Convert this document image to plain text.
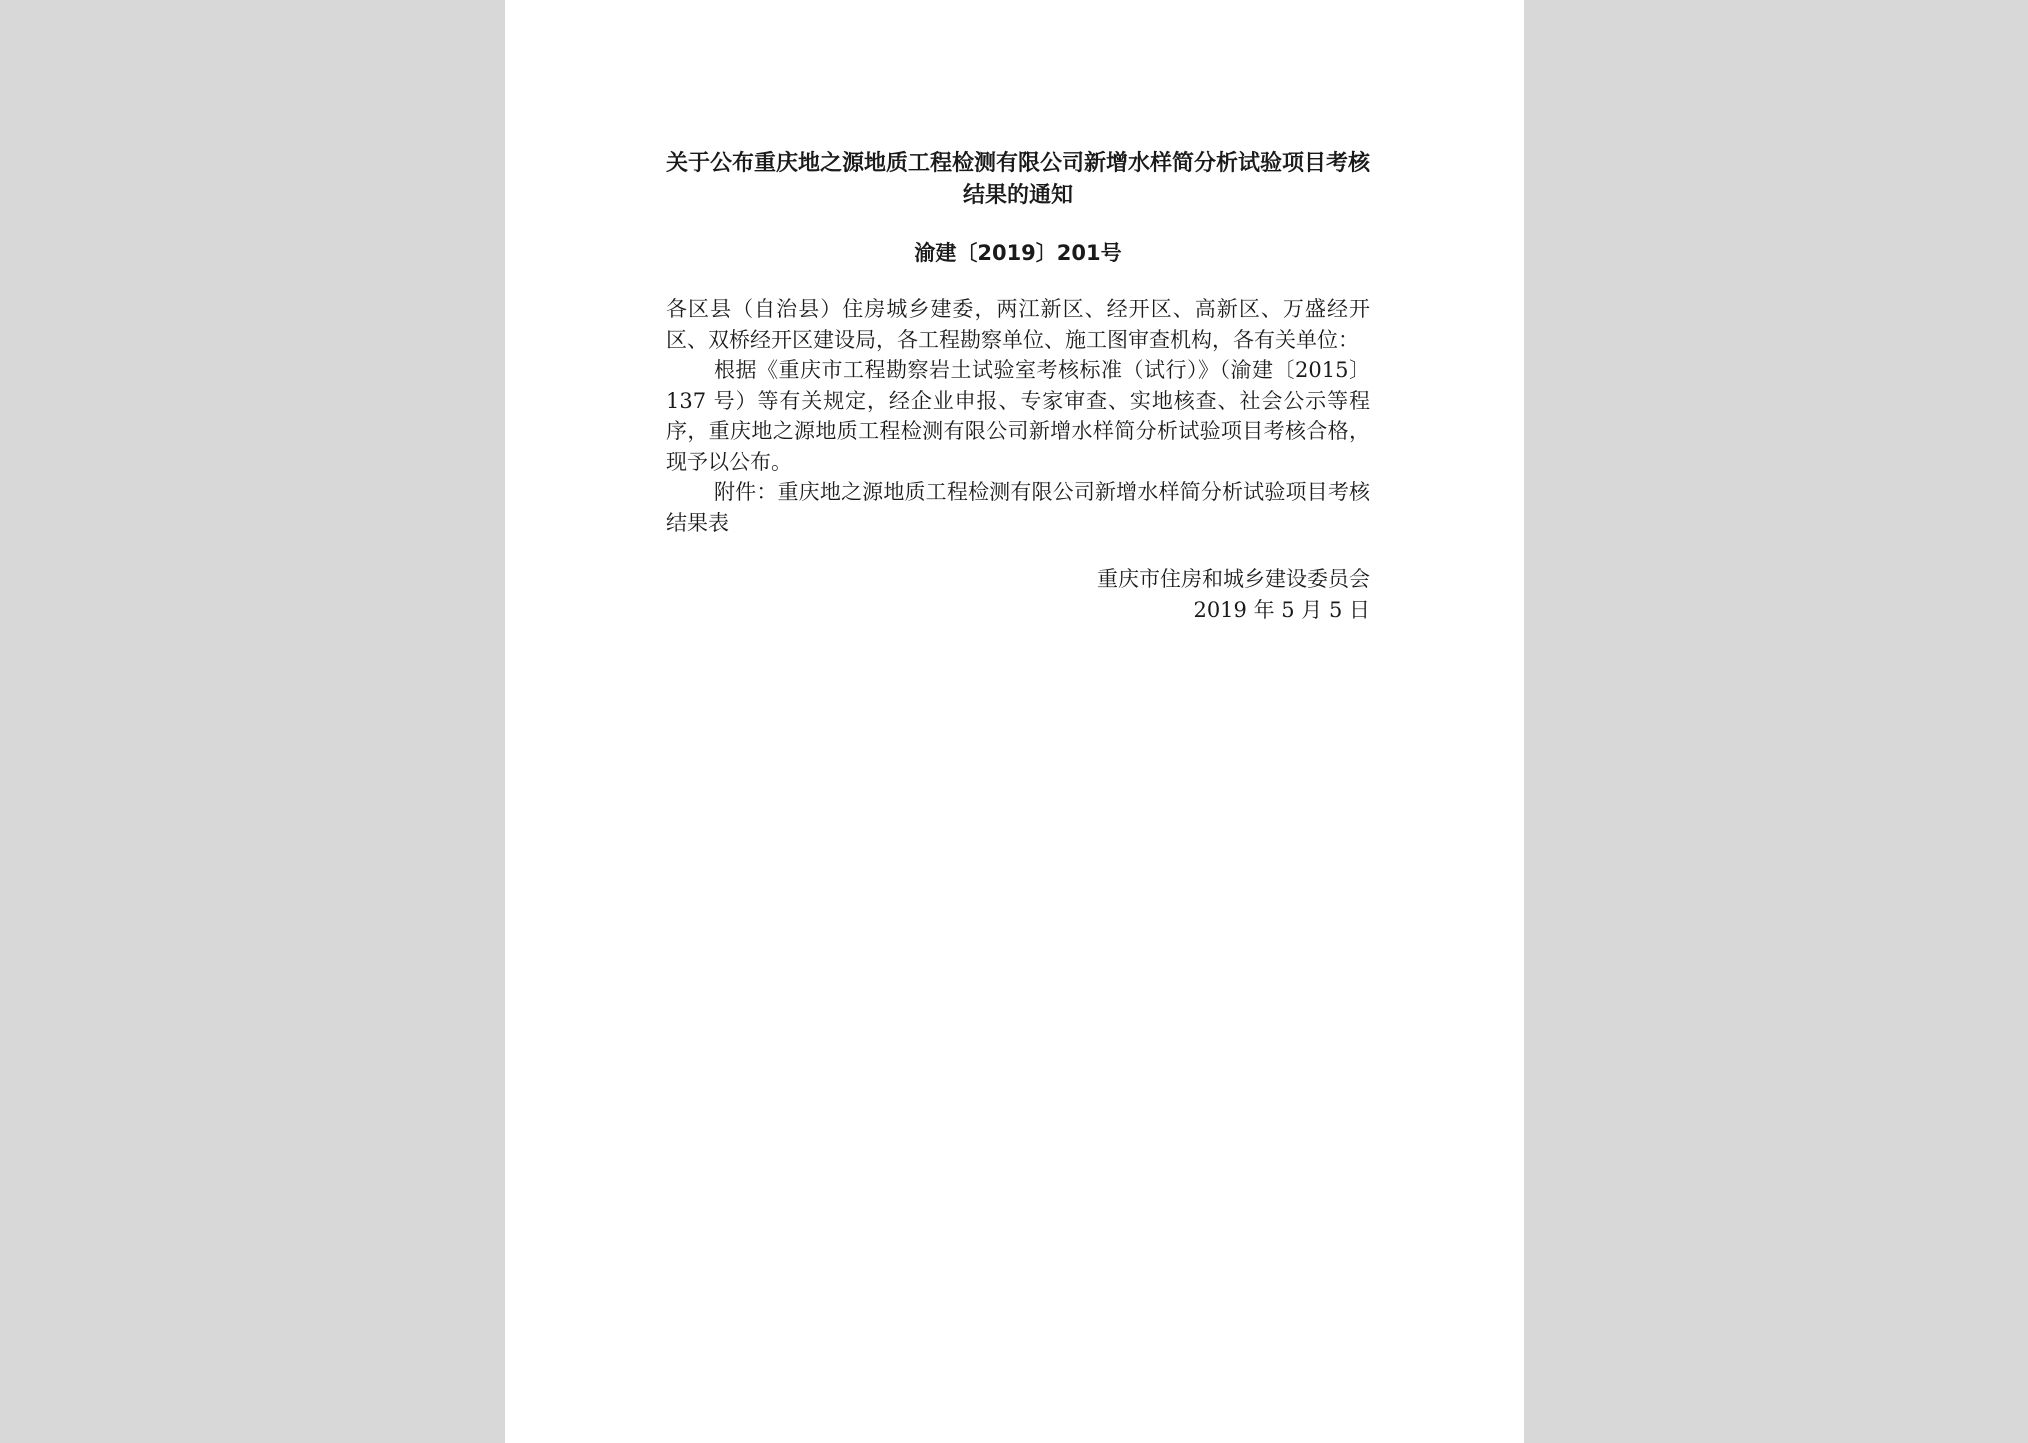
关于公布重庆地之源地质工程检测有限公司新增水样简分析试验项目考核结果的通知

渝建〔2019〕201号

各区县（自治县）住房城乡建委，两江新区、经开区、高新区、万盛经开区、双桥经开区建设局，各工程勘察单位、施工图审查机构，各有关单位：

根据《重庆市工程勘察岩土试验室考核标准（试行）》（渝建〔2015〕137 号）等有关规定，经企业申报、专家审查、实地核查、社会公示等程序，重庆地之源地质工程检测有限公司新增水样简分析试验项目考核合格，现予以公布。

附件：重庆地之源地质工程检测有限公司新增水样简分析试验项目考核结果表

重庆市住房和城乡建设委员会
2019 年 5 月 5 日
